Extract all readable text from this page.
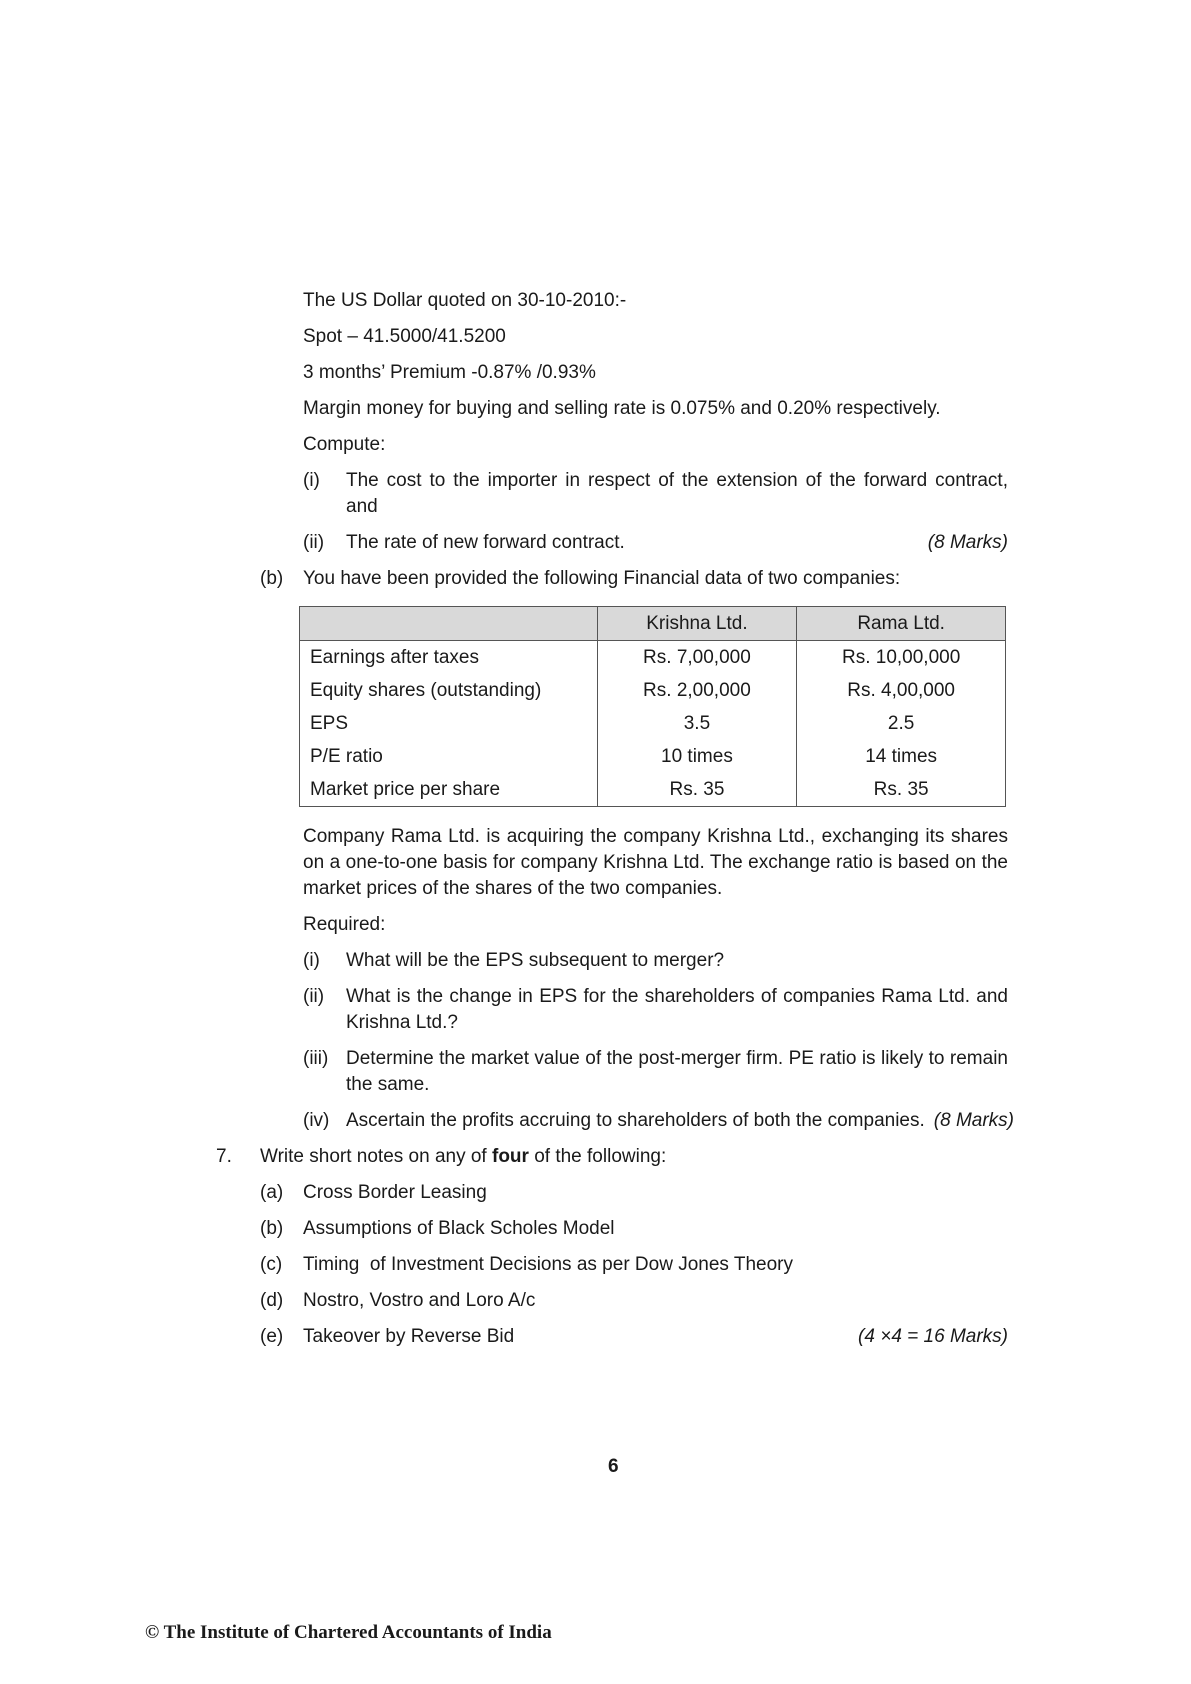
The US Dollar quoted on 30-10-2010:-
Spot – 41.5000/41.5200
3 months’ Premium -0.87% /0.93%
Margin money for buying and selling rate is 0.075% and 0.20% respectively.
Compute:
(i) The cost to the importer in respect of the extension of the forward contract, and
(ii) The rate of new forward contract.	(8 Marks)
(b) You have been provided the following Financial data of two companies:
	Krishna Ltd.	Rama Ltd.
Earnings after taxes	Rs. 7,00,000	Rs. 10,00,000
Equity shares (outstanding)	Rs. 2,00,000	Rs. 4,00,000
EPS	3.5	2.5
P/E ratio	10 times	14 times
Market price per share	Rs. 35	Rs. 35
Company Rama Ltd. is acquiring the company Krishna Ltd., exchanging its shares on a one-to-one basis for company Krishna Ltd. The exchange ratio is based on the market prices of the shares of the two companies.
Required:
(i) What will be the EPS subsequent to merger?
(ii) What is the change in EPS for the shareholders of companies Rama Ltd. and Krishna Ltd.?
(iii) Determine the market value of the post-merger firm. PE ratio is likely to remain the same.
(iv) Ascertain the profits accruing to shareholders of both the companies. (8 Marks)
7. Write short notes on any of four of the following:
(a) Cross Border Leasing
(b) Assumptions of Black Scholes Model
(c) Timing  of Investment Decisions as per Dow Jones Theory
(d) Nostro, Vostro and Loro A/c
(e) Takeover by Reverse Bid	(4 ×4 = 16 Marks)
6
© The Institute of Chartered Accountants of India
